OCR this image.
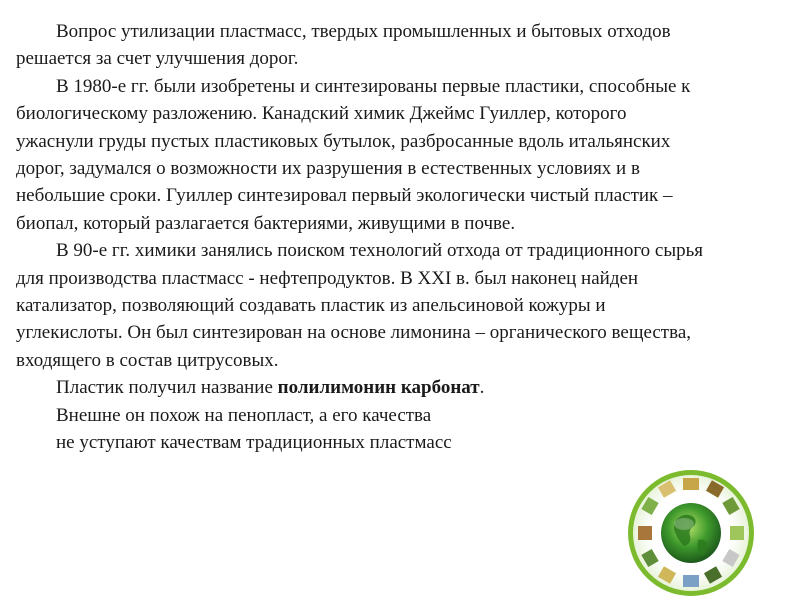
Вопрос утилизации пластмасс, твердых промышленных и бытовых отходов решается за счет улучшения дорог.

В 1980-е гг. были изобретены и синтезированы первые пластики, способные к биологическому разложению. Канадский химик Джеймс Гуиллер, которого ужаснули груды пустых пластиковых бутылок, разбросанные вдоль итальянских дорог, задумался о возможности их разрушения в естественных условиях и в небольшие сроки. Гуиллер синтезировал первый экологически чистый пластик – биопал, который разлагается бактериями, живущими в почве.

В 90-е гг. химики занялись поиском технологий отхода от традиционного сырья для производства пластмасс - нефтепродуктов. В XXI в. был наконец найден катализатор, позволяющий создавать пластик из апельсиновой кожуры и углекислоты. Он был синтезирован на основе лимонина – органического вещества, входящего в состав цитрусовых.

Пластик получил название полилимонин карбонат.

Внешне он похож на пенопласт, а его качества

не уступают качествам традиционных пластмасс
